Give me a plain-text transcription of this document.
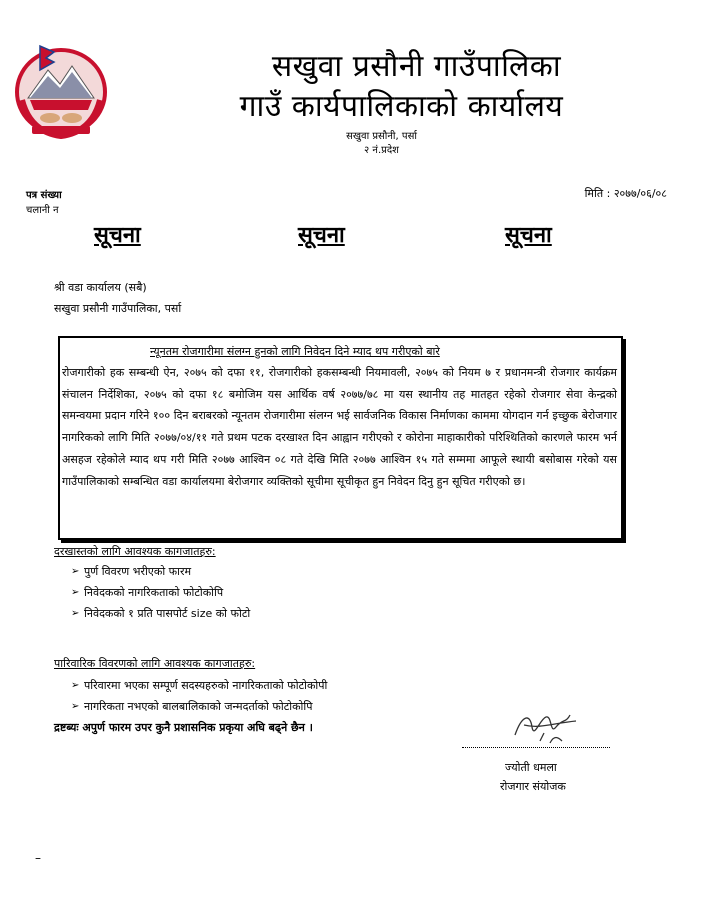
सखुवा प्रसौनी गाउँपालिका
गाउँ कार्यपालिकाको कार्यालय
सखुवा प्रसौनी, पर्सा
२ नं.प्रदेश
पत्र संख्या
चलानी न
मिति : २०७७/०६/०८
सूचना	सूचना	सूचना
श्री वडा कार्यालय (सबै)
सखुवा प्रसौनी गाउँपालिका, पर्सा
न्यूनतम रोजगारीमा संलग्न हुनको लागि निवेदन दिने म्याद थप गरीएको बारे
रोजगारीको हक सम्बन्धी ऐन, २०७५ को दफा ११, रोजगारीको हकसम्बन्धी नियमावली, २०७५ को नियम ७ र प्रधानमन्त्री रोजगार कार्यक्रम संचालन निर्देशिका, २०७५ को दफा १८ बमोजिम यस आर्थिक वर्ष २०७७/७८ मा यस स्थानीय तह मातहत रहेको रोजगार सेवा केन्द्रको समन्वयमा प्रदान गरिने १०० दिन बराबरको न्यूनतम रोजगारीमा संलग्न भई सार्वजनिक विकास निर्माणका काममा योगदान गर्न इच्छुक बेरोजगार नागरिकको लागि मिति २०७७/०४/११ गते प्रथम पटक दरखाश्त दिन आह्वान गरीएको र कोरोना माहाकारीको परिश्थितिको कारणले फारम भर्न असहज रहेकोले म्याद थप गरी मिति २०७७ आश्विन ०८ गते देखि मिति २०७७ आश्विन १५ गते सम्ममा आफूले स्थायी बसोबास गरेको यस गाउँपालिकाको सम्बन्धित वडा कार्यालयमा बेरोजगार व्यक्तिको सूचीमा सूचीकृत हुन निवेदन दिनु हुन सूचित गरीएको छ।
दरखास्तको लागि आवश्यक कागजातहरु:
➢ पुर्ण विवरण भरीएको फारम
➢ निवेदकको नागरिकताको फोटोकोपि
➢ निवेदकको १ प्रति पासपोर्ट size को फोटो
पारिवारिक विवरणको लागि आवश्यक कागजातहरु:
➢ परिवारमा भएका सम्पूर्ण सदस्यहरुको नागरिकताको फोटोकोपी
➢ नागरिकता नभएको बालबालिकाको जन्मदर्ताको फोटोकोपि
द्रष्टब्यः अपुर्ण फारम उपर कुनै प्रशासनिक प्रकृया अघि बढ्ने छैन ।
ज्योती धमला
रोजगार संयोजक
–
